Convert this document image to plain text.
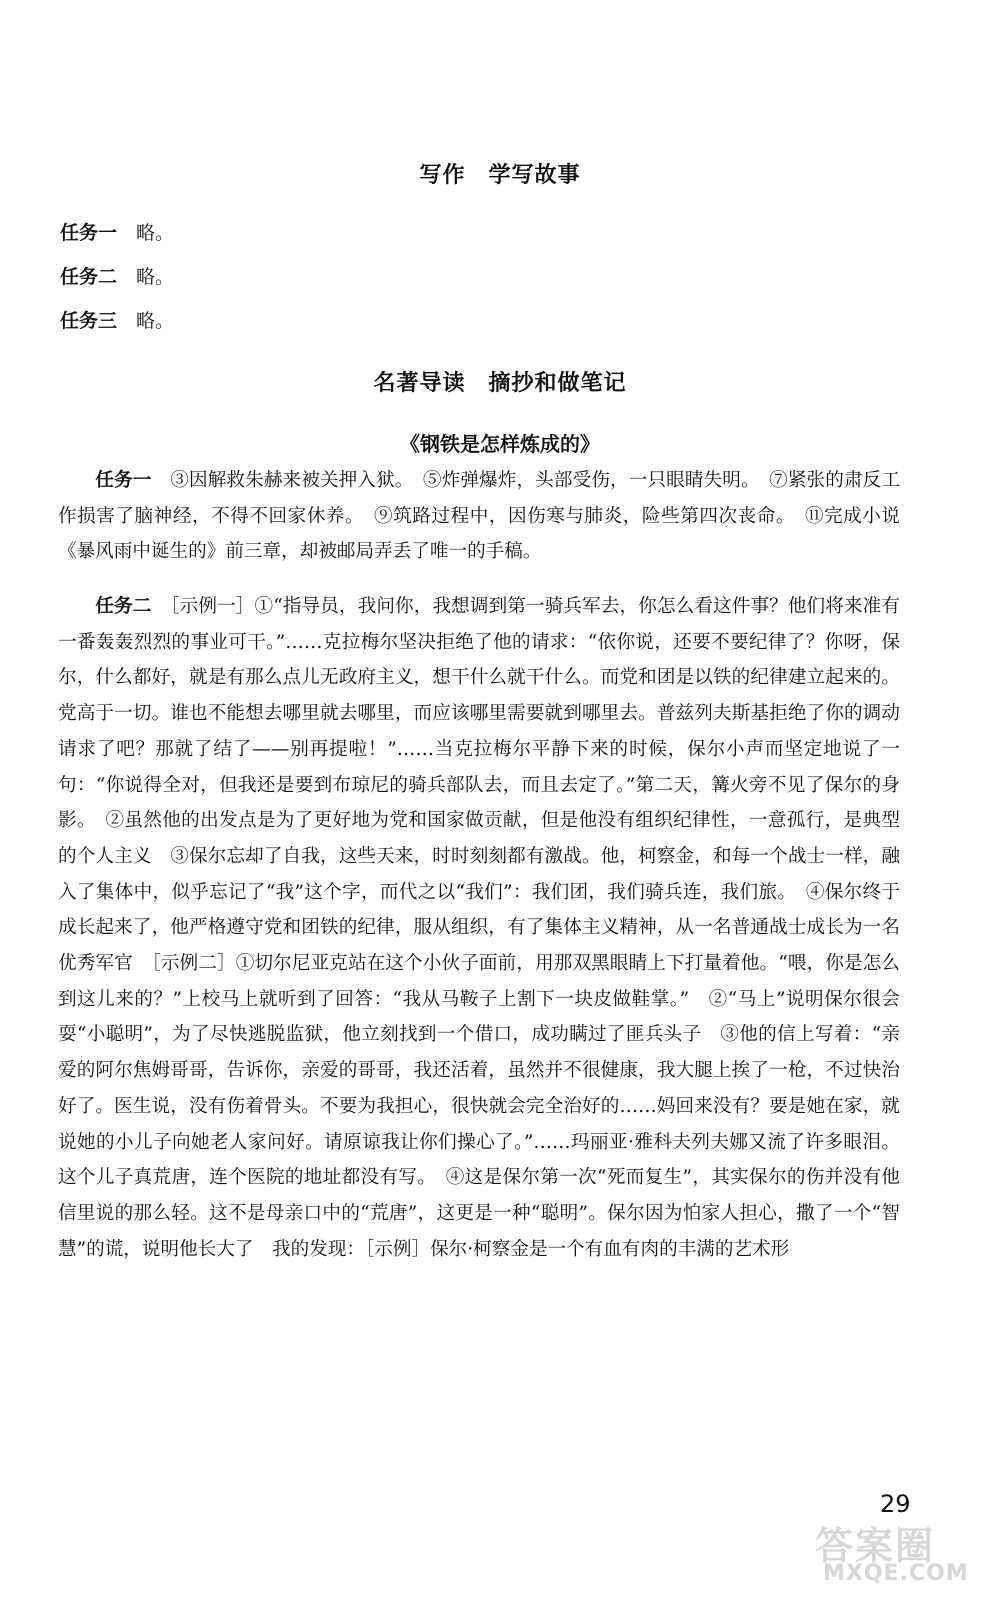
写作　学写故事

任务一　 略。

任务二　 略。

任务三　 略。

名著导读　摘抄和做笔记
《钢铁是怎样炼成的》

　　任务一　 ③因解救朱赫来被关押入狱。　⑤炸弹爆炸，头部受伤，一只眼睛失明。　⑦紧张的肃反工作损害了脑神经，不得不回家休养。　⑨筑路过程中，因伤寒与肺炎，险些第四次丧命。　⑪完成小说《暴风雨中诞生的》前三章，却被邮局弄丢了唯一的手稿。

　　任务二　 ［示例一］①“指导员，我问你，我想调到第一骑兵军去，你怎么看这件事？他们将来准有一番轰轰烈烈的事业可干。”……克拉梅尔坚决拒绝了他的请求：“依你说，还要不要纪律了？你呀，保尔，什么都好，就是有那么点儿无政府主义，想干什么就干什么。而党和团是以铁的纪律建立起来的。党高于一切。谁也不能想去哪里就去哪里，而应该哪里需要就到哪里去。普兹列夫斯基拒绝了你的调动请求了吧？那就了结了——别再提啦！”……当克拉梅尔平静下来的时候，保尔小声而坚定地说了一句：“你说得全对，但我还是要到布琼尼的骑兵部队去，而且去定了。”第二天，篝火旁不见了保尔的身影。　②虽然他的出发点是为了更好地为党和国家做贡献，但是他没有组织纪律性，一意孤行，是典型的个人主义　③保尔忘却了自我，这些天来，时时刻刻都有激战。他，柯察金，和每一个战士一样，融入了集体中，似乎忘记了“我”这个字，而代之以“我们”：我们团，我们骑兵连，我们旅。　④保尔终于成长起来了，他严格遵守党和团铁的纪律，服从组织，有了集体主义精神，从一名普通战士成长为一名优秀军官　［示例二］①切尔尼亚克站在这个小伙子面前，用那双黑眼睛上下打量着他。“喂，你是怎么到这儿来的？”上校马上就听到了回答：“我从马鞍子上割下一块皮做鞋掌。”　②“马上”说明保尔很会耍“小聪明”，为了尽快逃脱监狱，他立刻找到一个借口，成功瞒过了匪兵头子　③他的信上写着：“亲爱的阿尔焦姆哥哥，告诉你，亲爱的哥哥，我还活着，虽然并不很健康，我大腿上挨了一枪，不过快治好了。医生说，没有伤着骨头。不要为我担心，很快就会完全治好的……妈回来没有？要是她在家，就说她的小儿子向她老人家问好。请原谅我让你们操心了。”……玛丽亚·雅科夫列夫娜又流了许多眼泪。这个儿子真荒唐，连个医院的地址都没有写。　④这是保尔第一次“死而复生”，其实保尔的伤并没有他信里说的那么轻。这不是母亲口中的“荒唐”，这更是一种“聪明”。保尔因为怕家人担心，撒了一个“智慧”的谎，说明他长大了　我的发现：［示例］保尔·柯察金是一个有血有肉的丰满的艺术形

29
答案圈
MXQE.COM
